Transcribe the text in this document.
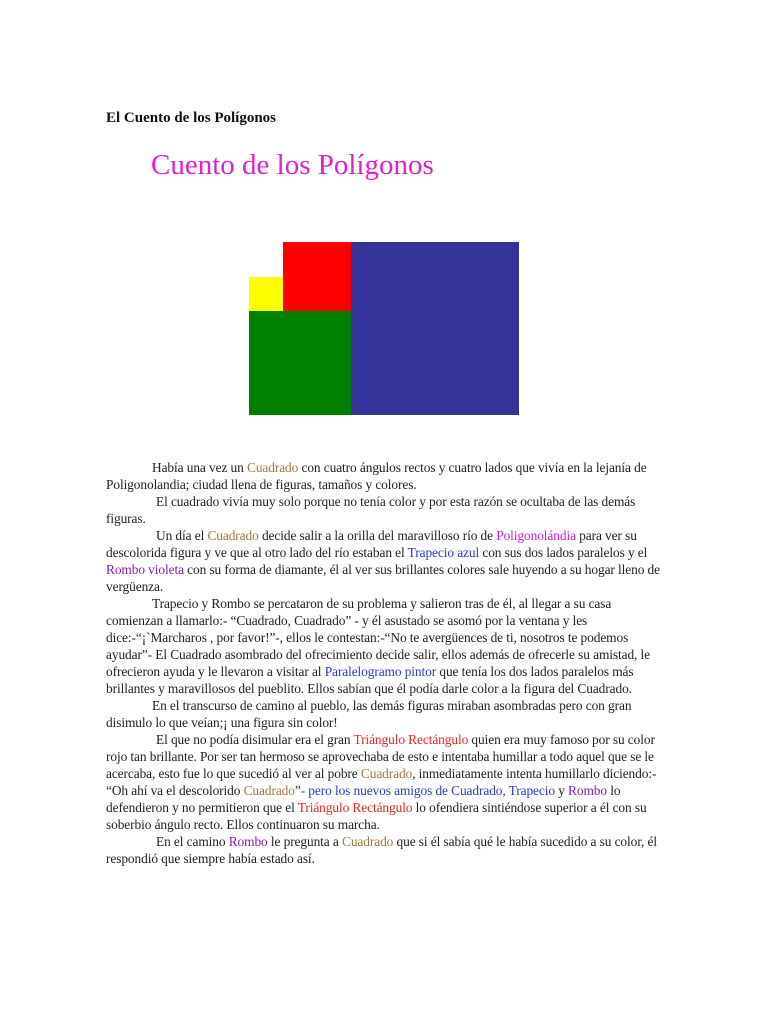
El Cuento de los Polígonos
Cuento de los Polígonos

Había una vez un Cuadrado con cuatro ángulos rectos y cuatro lados que vivía en la lejanía de Poligonolandia; ciudad llena de figuras, tamaños y colores.

El cuadrado vivía muy solo porque no tenía color y por esta razón se ocultaba de las demás figuras.

Un día el Cuadrado decide salir a la orilla del maravilloso río de Poligonolándia para ver su descolorida figura y ve que al otro lado del río estaban el Trapecio azul con sus dos lados paralelos y el Rombo violeta con su forma de diamante, él al ver sus brillantes colores sale huyendo a su hogar lleno de vergüenza.

Trapecio y Rombo se percataron de su problema y salieron tras de él, al llegar a su casa comienzan a llamarlo:- “Cuadrado, Cuadrado” - y él asustado se asomó por la ventana y les dice:-“¡`Marcharos , por favor!”-, ellos le contestan:-“No te avergüences de ti, nosotros te podemos ayudar”- El Cuadrado asombrado del ofrecimiento decide salir, ellos además de ofrecerle su amistad, le ofrecieron ayuda y le llevaron a visitar al Paralelogramo pintor que tenía los dos lados paralelos más brillantes y maravillosos del pueblito. Ellos sabían que él podía darle color a la figura del Cuadrado.

En el transcurso de camino al pueblo, las demás figuras miraban asombradas pero con gran disimulo lo que veían;¡ una figura sin color!

El que no podía disimular era el gran Triángulo Rectángulo quien era muy famoso por su color rojo tan brillante. Por ser tan hermoso se aprovechaba de esto e intentaba humillar a todo aquel que se le acercaba, esto fue lo que sucedió al ver al pobre Cuadrado, inmediatamente intenta humillarlo diciendo:- “Oh ahí va el descolorido Cuadrado”- pero los nuevos amigos de Cuadrado, Trapecio y Rombo lo defendieron y no permitieron que el Triángulo Rectángulo lo ofendiera sintiéndose superior a él con su soberbio ángulo recto. Ellos continuaron su marcha.

En el camino Rombo le pregunta a Cuadrado que si él sabía qué le había sucedido a su color, él respondió que siempre había estado así.
